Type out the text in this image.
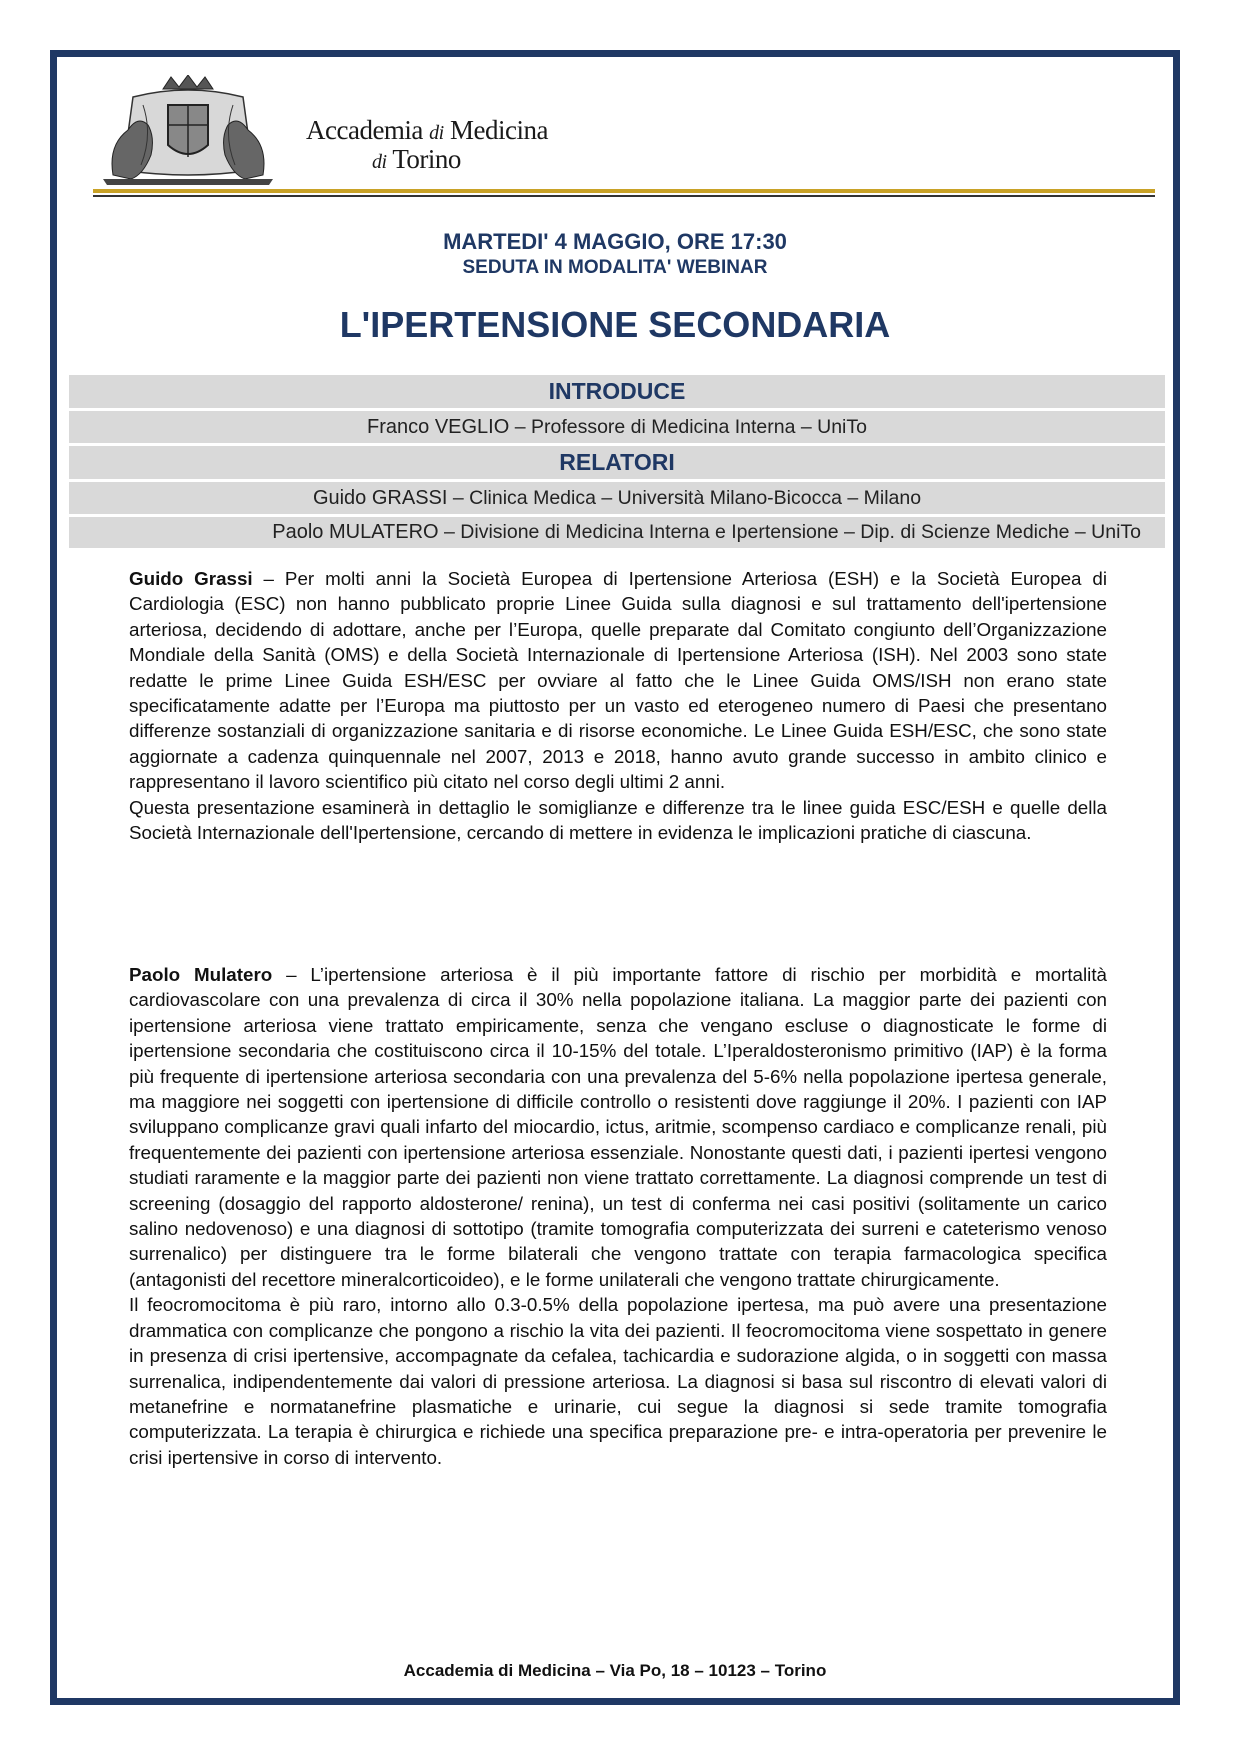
Accademia di Medicina
di Torino
MARTEDI' 4 MAGGIO, ORE 17:30
SEDUTA IN MODALITA' WEBINAR
L'IPERTENSIONE SECONDARIA
INTRODUCE
Franco VEGLIO – Professore di Medicina Interna – UniTo
RELATORI
Guido GRASSI – Clinica Medica – Università Milano-Bicocca – Milano
Paolo MULATERO – Divisione di Medicina Interna e Ipertensione – Dip. di Scienze Mediche – UniTo

Guido Grassi – Per molti anni la Società Europea di Ipertensione Arteriosa (ESH) e la Società Europea di Cardiologia (ESC) non hanno pubblicato proprie Linee Guida sulla diagnosi e sul trattamento dell'ipertensione arteriosa, decidendo di adottare, anche per l’Europa, quelle preparate dal Comitato congiunto dell’Organizzazione Mondiale della Sanità (OMS) e della Società Internazionale di Ipertensione Arteriosa (ISH). Nel 2003 sono state redatte le prime Linee Guida ESH/ESC per ovviare al fatto che le Linee Guida OMS/ISH non erano state specificatamente adatte per l’Europa ma piuttosto per un vasto ed eterogeneo numero di Paesi che presentano differenze sostanziali di organizzazione sanitaria e di risorse economiche. Le Linee Guida ESH/ESC, che sono state aggiornate a cadenza quinquennale nel 2007, 2013 e 2018, hanno avuto grande successo in ambito clinico e rappresentano il lavoro scientifico più citato nel corso degli ultimi 2 anni.

Questa presentazione esaminerà in dettaglio le somiglianze e differenze tra le linee guida ESC/ESH e quelle della Società Internazionale dell'Ipertensione, cercando di mettere in evidenza le implicazioni pratiche di ciascuna.

Paolo Mulatero – L’ipertensione arteriosa è il più importante fattore di rischio per morbidità e mortalità cardiovascolare con una prevalenza di circa il 30% nella popolazione italiana. La maggior parte dei pazienti con ipertensione arteriosa viene trattato empiricamente, senza che vengano escluse o diagnosticate le forme di ipertensione secondaria che costituiscono circa il 10-15% del totale. L’Iperaldosteronismo primitivo (IAP) è la forma più frequente di ipertensione arteriosa secondaria con una prevalenza del 5-6% nella popolazione ipertesa generale, ma maggiore nei soggetti con ipertensione di difficile controllo o resistenti dove raggiunge il 20%. I pazienti con IAP sviluppano complicanze gravi quali infarto del miocardio, ictus, aritmie, scompenso cardiaco e complicanze renali, più frequentemente dei pazienti con ipertensione arteriosa essenziale. Nonostante questi dati, i pazienti ipertesi vengono studiati raramente e la maggior parte dei pazienti non viene trattato correttamente. La diagnosi comprende un test di screening (dosaggio del rapporto aldosterone/ renina), un test di conferma nei casi positivi (solitamente un carico salino nedovenoso) e una diagnosi di sottotipo (tramite tomografia computerizzata dei surreni e cateterismo venoso surrenalico) per distinguere tra le forme bilaterali che vengono trattate con terapia farmacologica specifica (antagonisti del recettore mineralcorticoideo), e le forme unilaterali che vengono trattate chirurgicamente.

Il feocromocitoma è più raro, intorno allo 0.3-0.5% della popolazione ipertesa, ma può avere una presentazione drammatica con complicanze che pongono a rischio la vita dei pazienti. Il feocromocitoma viene sospettato in genere in presenza di crisi ipertensive, accompagnate da cefalea, tachicardia e sudorazione algida, o in soggetti con massa surrenalica, indipendentemente dai valori di pressione arteriosa. La diagnosi si basa sul riscontro di elevati valori di metanefrine e normatanefrine plasmatiche e urinarie, cui segue la diagnosi si sede tramite tomografia computerizzata. La terapia è chirurgica e richiede una specifica preparazione pre- e intra-operatoria per prevenire le crisi ipertensive in corso di intervento.

Accademia di Medicina – Via Po, 18 – 10123 – Torino
